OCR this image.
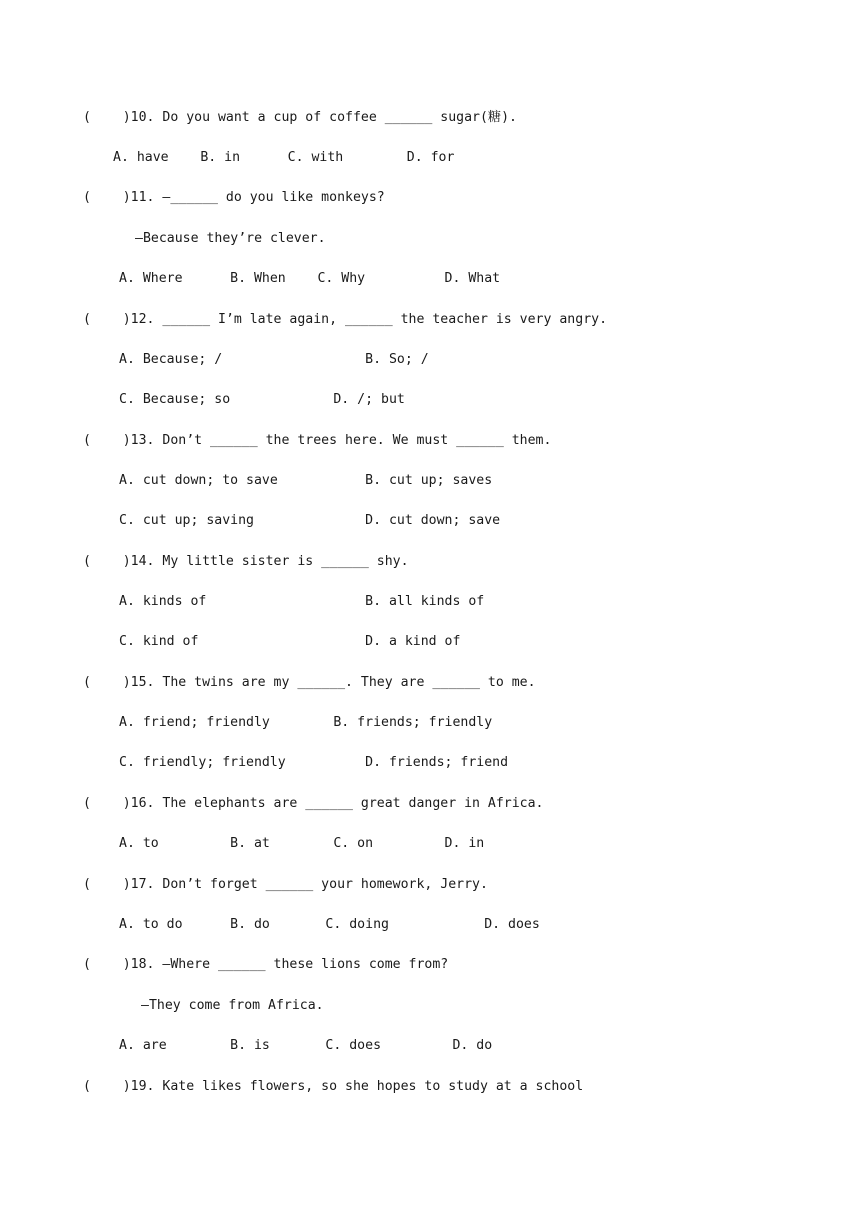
(    )10. Do you want a cup of coffee ______ sugar(糖).
A. have    B. in      C. with        D. for
(    )11. —______ do you like monkeys?
—Because they’re clever.
A. Where      B. When    C. Why          D. What
(    )12. ______ I’m late again, ______ the teacher is very angry.
A. Because; /                  B. So; /
C. Because; so             D. /; but
(    )13. Don’t ______ the trees here. We must ______ them.
A. cut down; to save           B. cut up; saves
C. cut up; saving              D. cut down; save
(    )14. My little sister is ______ shy.
A. kinds of                    B. all kinds of
C. kind of                     D. a kind of
(    )15. The twins are my ______. They are ______ to me.
A. friend; friendly        B. friends; friendly
C. friendly; friendly          D. friends; friend
(    )16. The elephants are ______ great danger in Africa.
A. to         B. at        C. on         D. in
(    )17. Don’t forget ______ your homework, Jerry.
A. to do      B. do       C. doing            D. does
(    )18. —Where ______ these lions come from?
—They come from Africa.
A. are        B. is       C. does         D. do
(    )19. Kate likes flowers, so she hopes to study at a school
